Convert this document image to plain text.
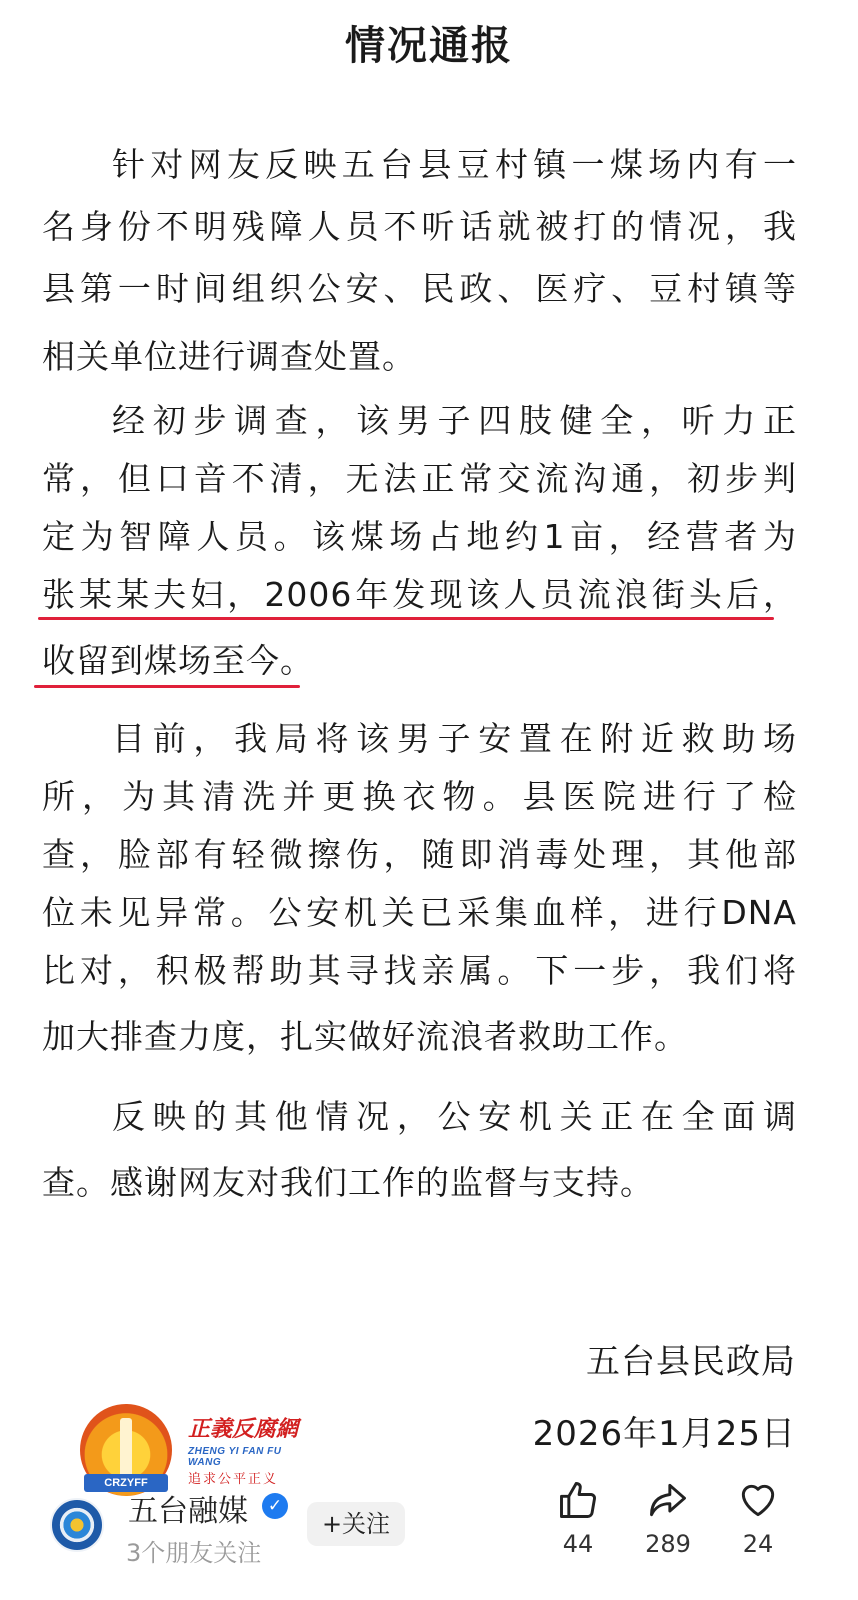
情况通报
针对网友反映五台县豆村镇一煤场内有一
名身份不明残障人员不听话就被打的情况，我
县第一时间组织公安、民政、医疗、豆村镇等
相关单位进行调查处置。
经初步调查，该男子四肢健全，听力正
常，但口音不清，无法正常交流沟通，初步判
定为智障人员。该煤场占地约1亩，经营者为
张某某夫妇，2006年发现该人员流浪街头后，
收留到煤场至今。
目前，我局将该男子安置在附近救助场
所，为其清洗并更换衣物。县医院进行了检
查，脸部有轻微擦伤，随即消毒处理，其他部
位未见异常。公安机关已采集血样，进行DNA
比对，积极帮助其寻找亲属。下一步，我们将
加大排查力度，扎实做好流浪者救助工作。
反映的其他情况，公安机关正在全面调
查。感谢网友对我们工作的监督与支持。
五台县民政局
2026年1月25日
五台融媒	✓
3个朋友关注
+关注
44	289	24
CRZYFF
正義反腐網
ZHENG YI FAN FU WANG
追求公平正义
